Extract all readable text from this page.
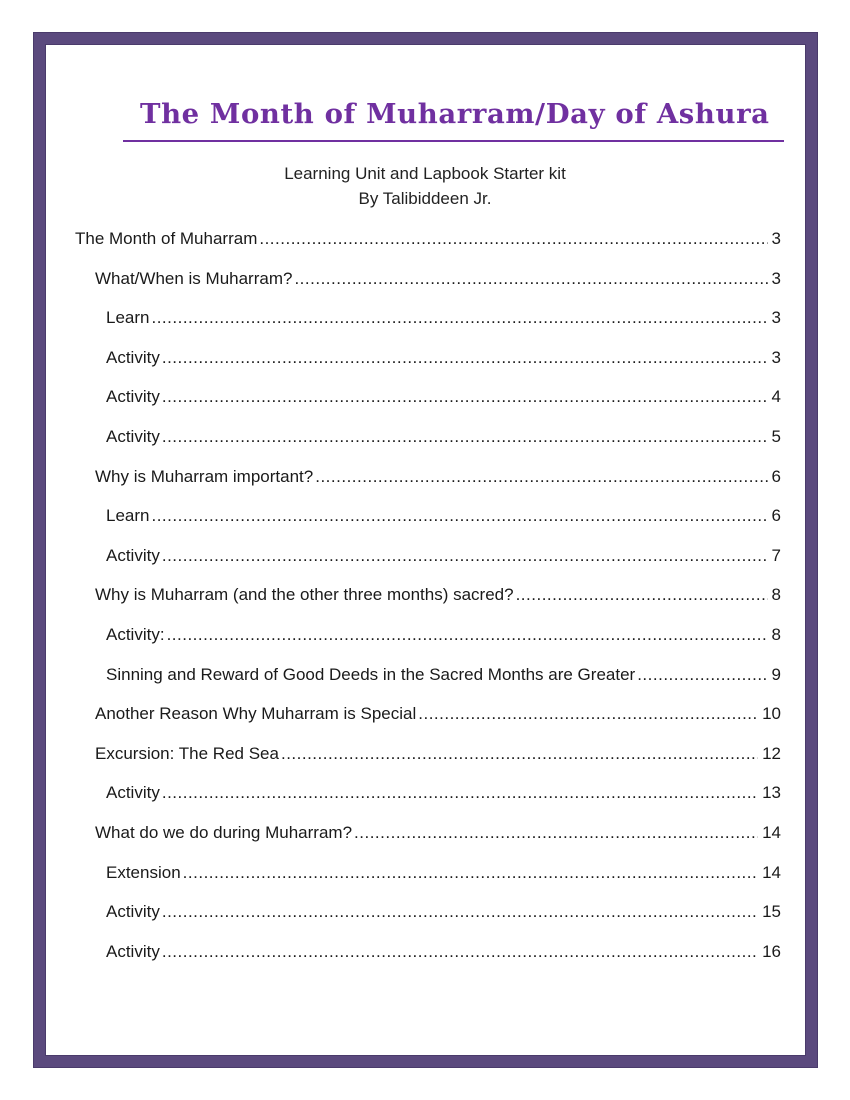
The Month of Muharram/Day of Ashura
Learning Unit and Lapbook Starter kit
By Talibiddeen Jr.
The Month of Muharram .....	3
What/When is Muharram? .....	3
Learn .....	3
Activity .....	3
Activity .....	4
Activity .....	5
Why is Muharram important? .....	6
Learn .....	6
Activity .....	7
Why is Muharram (and the other three months) sacred? .....	8
Activity: .....	8
Sinning and Reward of Good Deeds in the Sacred Months are Greater .....	9
Another Reason Why Muharram is Special .....	10
Excursion: The Red Sea .....	12
Activity .....	13
What do we do during Muharram? .....	14
Extension .....	14
Activity .....	15
Activity .....	16
